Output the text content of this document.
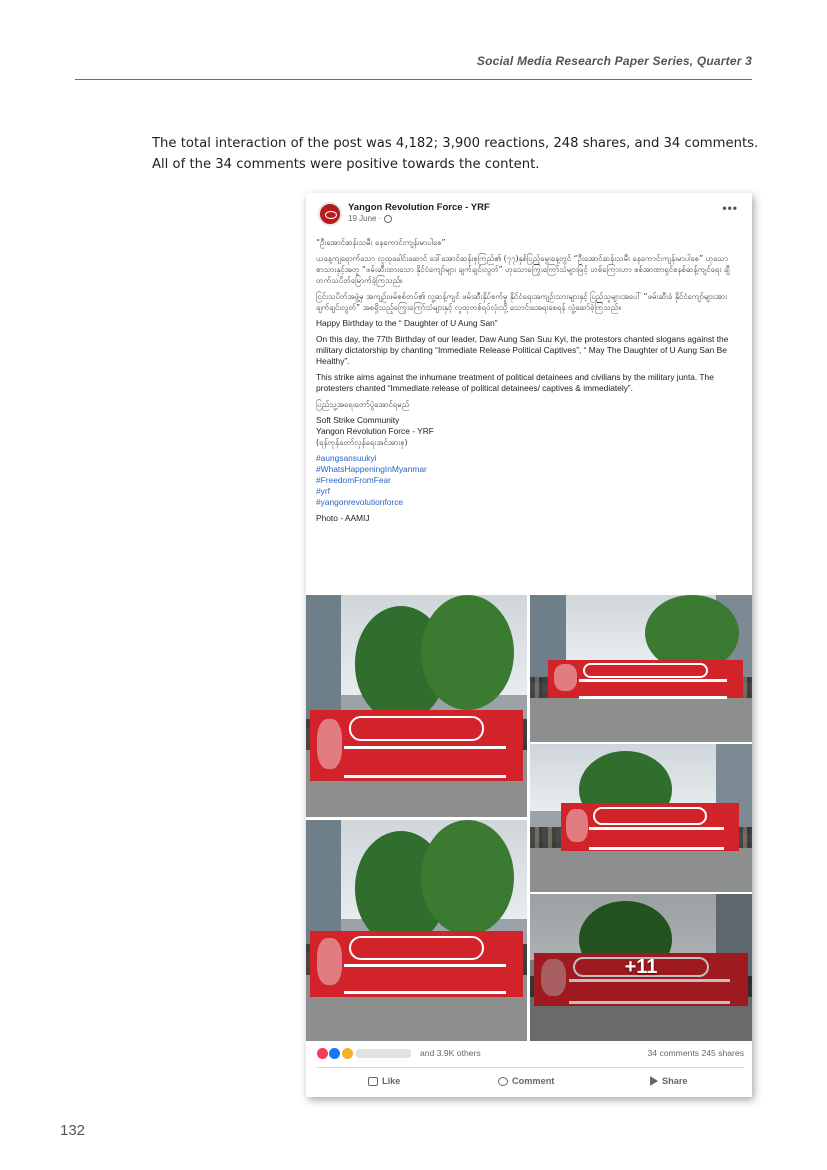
Social Media Research Paper Series, Quarter 3

The total interaction of the post was 4,182; 3,900 reactions, 248 shares, and 34 comments.

All of the 34 comments were positive towards the content.

Yangon Revolution Force - YRF
19 June ·
•••

“ဦးအောင်ဆန်းသမီး နေကောင်းကျန်းမာပါစေ”

ယနေ့ကျရောက်သော လူထုခေါင်းဆောင် ဒေါ်အောင်ဆန်းစုကြည်၏ (၇၇)နှစ်ပြည့်မွေးနေ့တွင် “ဦးအောင်ဆန်းသမီး နေကောင်းကျန်းမာပါစေ” ဟုသော စာသားနှင့်အတူ “ဖမ်းဆီးထားသော နိုင်ငံကျော်များ ချက်ချင်းလွတ်” ဟုသောကြွေးကြော်သံများဖြင့် ဟစ်ကြေားဟာ စစ်အာဏာရှင်စနစ်ဆန့်ကျင်ရေး ချီတက်သပိတ်မြောက်ခဲ့ကြသည်။

ငြင်းသပိတ်အဖွဲ့မှ အကျဉ်းဖမ်စစ်တပ်၏ လူ့ဆန့်ကျင် ဖမ်းဆီးနှိပ်စက်မှု နိုင်ငံရေးအကျဉ်းသားများနှင့် ပြည်သူများအပေါ် “ဖမ်းဆီးခံ နိုင်ငံကျော်များအား ချက်ချင်းလွတ်” အစရှိသည့်ကြွေးကြော်သံများနှင့် လူထုတစ်ရပ်လုံးသို့ သောင်းအေရးစေရန် လှုံ့ဆော်ခဲ့ကြသည်။

Happy Birthday to the “ Daughter of U Aung San”

On this day, the 77th Birthday of our leader, Daw Aung San Suu Kyi, the protestors chanted slogans against the military dictatorship by chanting “Immediate Release Political Captives”, “ May The Daughter of U Aung San Be Healthy”.

This strike aims against the inhumane treatment of political detainees and civilians by the military junta. The protesters chanted “Immediate release of political detainees/ captives & immediately”.

ပြည်သူ့အရေးတော်ပွဲအောင်ရမည်

Soft Strike Community

Yangon Revolution Force - YRF

(ရန်ကုန်တော်လှန်ရေးအင်အားစု)

#aungsansuukyi

#WhatsHappeningInMyanmar

#FreedomFromFear

#yrf

#yangonrevolutionforce

Photo - AAMIJ

+11

and 3.9K others	34 comments 245 shares
Like	Comment	Share
132
